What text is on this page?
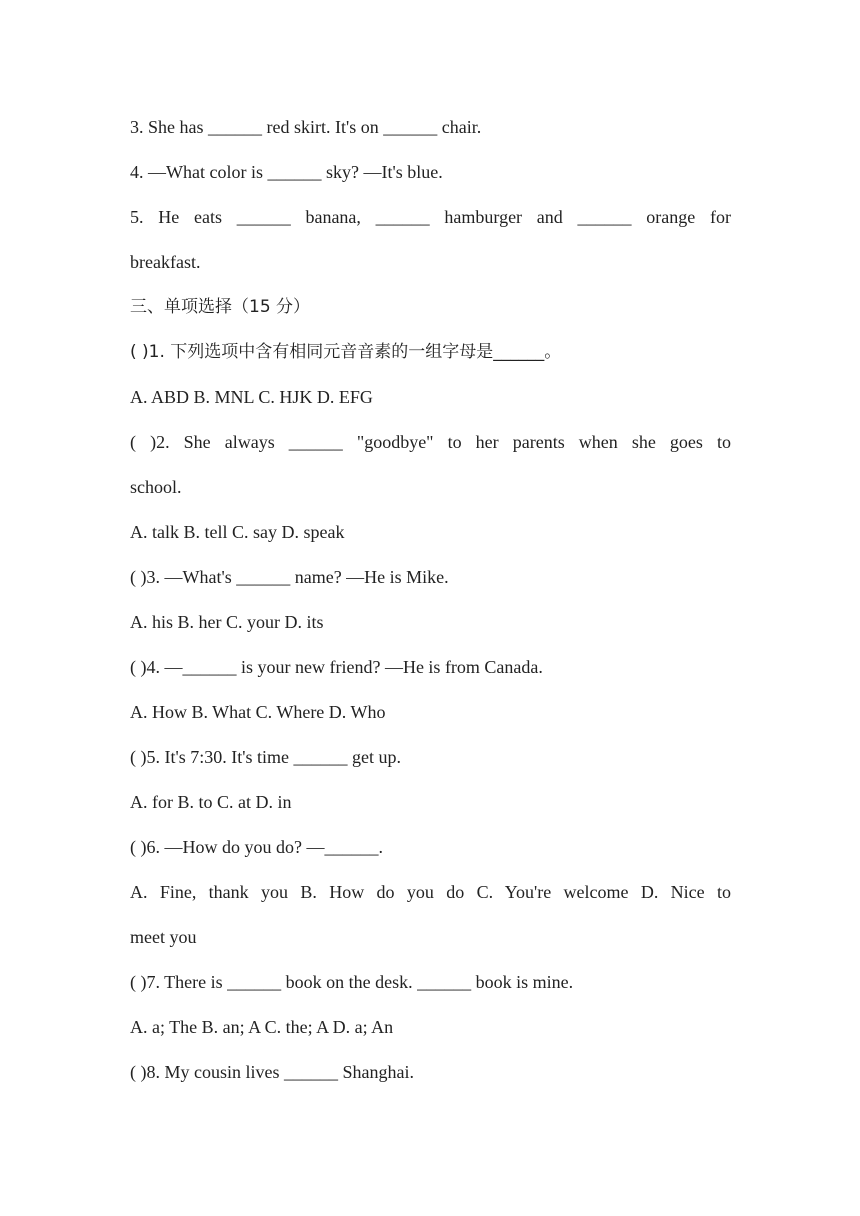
3. She has ______ red skirt. It's on ______ chair.
4. —What color is ______ sky? —It's blue.
5. He eats ______ banana, ______ hamburger and ______ orange for
breakfast.
三、单项选择（15 分）
( )1. 下列选项中含有相同元音音素的一组字母是______。
A. ABD B. MNL C. HJK D. EFG
( )2. She always ______ "goodbye" to her parents when she goes to
school.
A. talk B. tell C. say D. speak
( )3. —What's ______ name? —He is Mike.
A. his B. her C. your D. its
( )4. —______ is your new friend? —He is from Canada.
A. How B. What C. Where D. Who
( )5. It's 7:30. It's time ______ get up.
A. for B. to C. at D. in
( )6. —How do you do? —______.
A. Fine, thank you B. How do you do C. You're welcome D. Nice to
meet you
( )7. There is ______ book on the desk. ______ book is mine.
A. a; The B. an; A C. the; A D. a; An
( )8. My cousin lives ______ Shanghai.
